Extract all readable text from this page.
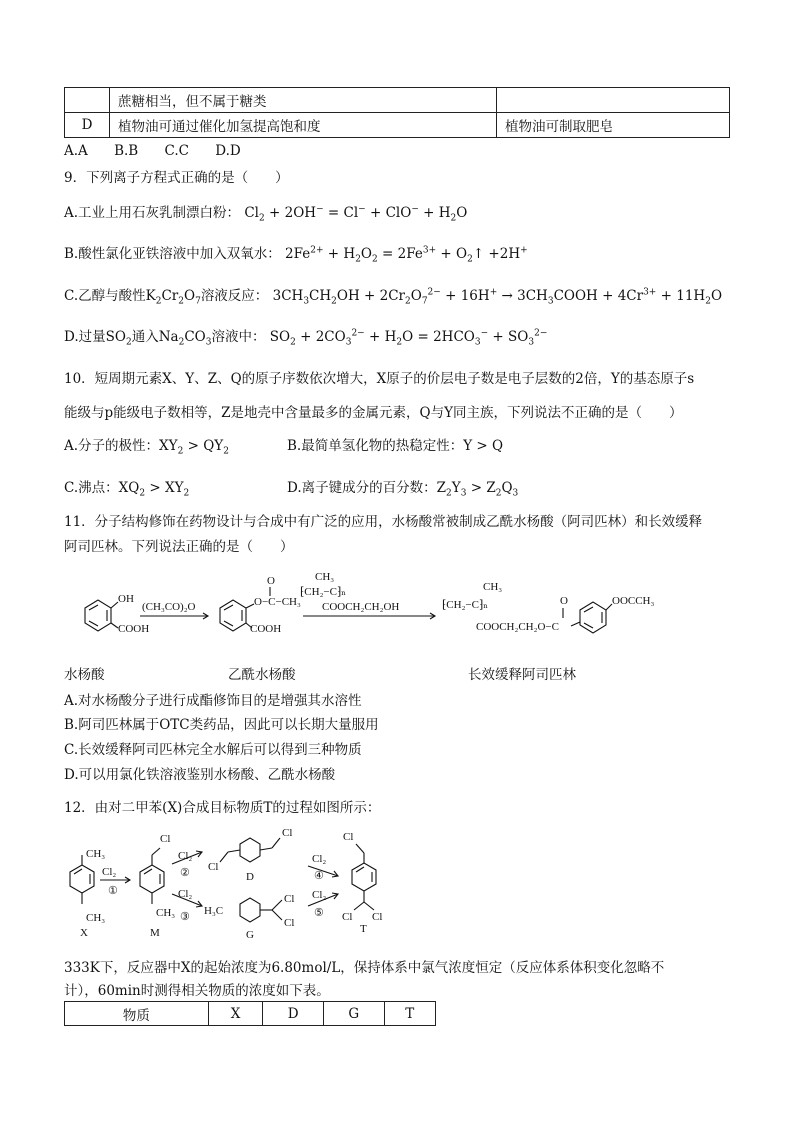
	蔗糖相当，但不属于糖类	
D	植物油可通过催化加氢提高饱和度	植物油可制取肥皂
A.A B.B C.C D.D
9．下列离子方程式正确的是（　　）
A.工业上用石灰乳制漂白粉： $Cl_2 + 2OH^- = Cl^- + ClO^- + H_2O$
B.酸性氯化亚铁溶液中加入双氧水： $2Fe^{2+} + H_2O_2 = 2Fe^{3+}$ + $O_2↑ +2H^+$
C.乙醇与酸性$K_2Cr_2O_7$溶液反应： $3CH_3CH_2OH + 2Cr_2O_7^{2-} + 16H^+$ → $3CH_3COOH + 4Cr^{3+} + 11H_2O$
D.过量$SO_2$通入$Na_2CO_3$溶液中： $SO_2 + 2CO_3^{2-} + H_2O = 2HCO_3^- + SO_3^{2-}$
10．短周期元素X、Y、Z、Q的原子序数依次增大，X原子的价层电子数是电子层数的2倍，Y的基态原子s
能级与p能级电子数相等，Z是地壳中含量最多的金属元素，Q与Y同主族，下列说法不正确的是（　　）
A.分子的极性：$XY_2 > QY_2$	B.最简单氢化物的热稳定性：Y > Q
C.沸点：$XQ_2 > XY_2$	D.离子键成分的百分数：$Z_2Y_3 > Z_2Q_3$
11．分子结构修饰在药物设计与合成中有广泛的应用，水杨酸常被制成乙酰水杨酸（阿司匹林）和长效缓释
阿司匹林。下列说法正确的是（　　）
OH
COOH
(CH₃CO)₂O	O−C−CH₃
O
COOH
CH₃
⁅CH₂−C⁆ₙ
COOCH₂CH₂OH
CH₃
⁅CH₂−C⁆ₙ
COOCH₂CH₂O−C
O	OOCCH₃
水杨酸	乙酰水杨酸	长效缓释阿司匹林
A.对水杨酸分子进行成酯修饰目的是增强其水溶性
B.阿司匹林属于OTC类药品，因此可以长期大量服用
C.长效缓释阿司匹林完全水解后可以得到三种物质
D.可以用氯化铁溶液鉴别水杨酸、乙酰水杨酸
12．由对二甲苯(X)合成目标物质T的过程如图所示：
CH₃
CH₃
X
Cl₂
①
Cl
CH₃
M
Cl₂
② Cl
Cl
D
Cl₂
③ H₃C
Cl
Cl
G
Cl₂
④
Cl₂
⑤
Cl
Cl Cl
T
333K下，反应器中X的起始浓度为6.80mol/L，保持体系中氯气浓度恒定（反应体系体积变化忽略不
计），60min时测得相关物质的浓度如下表。
物质	X	D	G	T
